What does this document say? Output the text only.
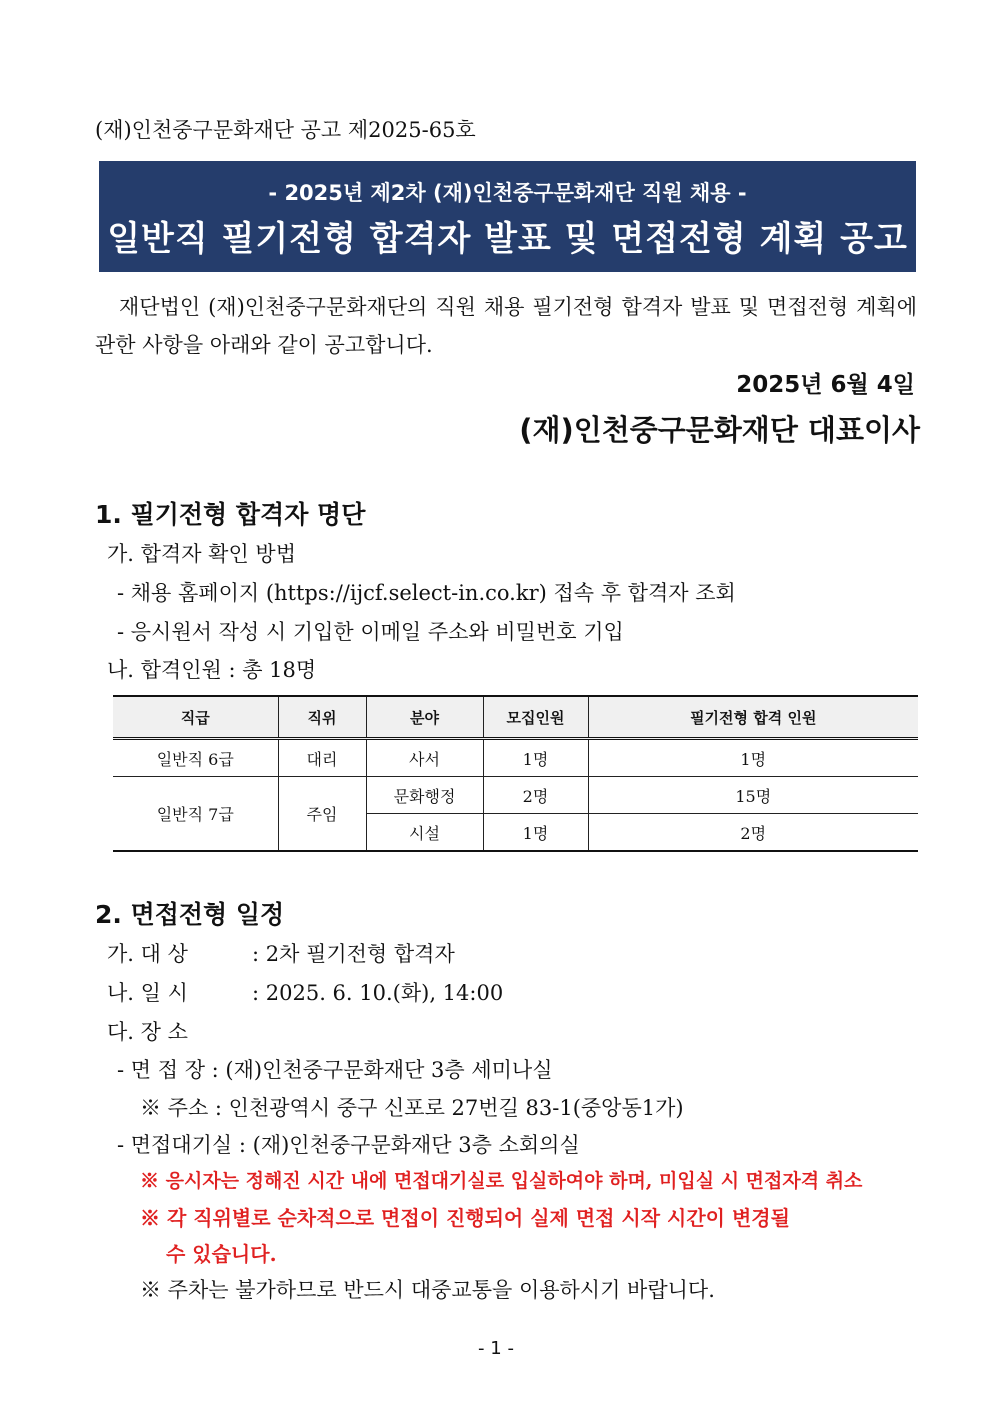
(재)인천중구문화재단 공고 제2025-65호
- 2025년 제2차 (재)인천중구문화재단 직원 채용 -
일반직 필기전형 합격자 발표 및 면접전형 계획 공고
재단법인 (재)인천중구문화재단의 직원 채용 필기전형 합격자 발표 및 면접전형 계획에 관한 사항을 아래와 같이 공고합니다.
2025년 6월 4일
(재)인천중구문화재단 대표이사
1. 필기전형 합격자 명단
가. 합격자 확인 방법
- 채용 홈페이지 (https://ijcf.select-in.co.kr) 접속 후 합격자 조회
- 응시원서 작성 시 기입한 이메일 주소와 비밀번호 기입
나. 합격인원 : 총 18명
직급	직위	분야	모집인원	필기전형 합격 인원
일반직 6급	대리	사서	1명	1명
일반직 7급	주임	문화행정	2명	15명
		시설	1명	2명
2. 면접전형 일정
가. 대 상	: 2차 필기전형 합격자
나. 일 시	: 2025. 6. 10.(화), 14:00
다. 장 소
- 면 접 장 : (재)인천중구문화재단 3층 세미나실
※ 주소 : 인천광역시 중구 신포로 27번길 83-1(중앙동1가)
- 면접대기실 : (재)인천중구문화재단 3층 소회의실
※ 응시자는 정해진 시간 내에 면접대기실로 입실하여야 하며, 미입실 시 면접자격 취소
※ 각 직위별로 순차적으로 면접이 진행되어 실제 면접 시작 시간이 변경될
수 있습니다.
※ 주차는 불가하므로 반드시 대중교통을 이용하시기 바랍니다.
- 1 -
